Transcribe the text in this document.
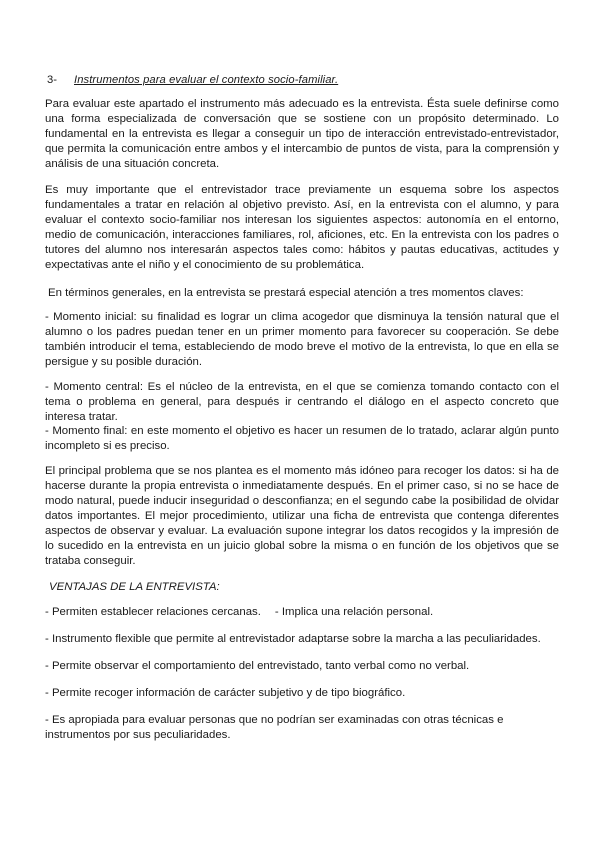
3- Instrumentos para evaluar el contexto socio-familiar.

Para evaluar este apartado el instrumento más adecuado es la entrevista. Ésta suele definirse como una forma especializada de conversación que se sostiene con un propósito determinado. Lo fundamental en la entrevista es llegar a conseguir un tipo de interacción entrevistado-entrevistador, que permita la comunicación entre ambos y el intercambio de puntos de vista, para la comprensión y análisis de una situación concreta.

Es muy importante que el entrevistador trace previamente un esquema sobre los aspectos fundamentales a tratar en relación al objetivo previsto. Así, en la entrevista con el alumno, y para evaluar el contexto socio-familiar nos interesan los siguientes aspectos: autonomía en el entorno, medio de comunicación, interacciones familiares, rol, aficiones, etc. En la entrevista con los padres o tutores del alumno nos interesarán aspectos tales como: hábitos y pautas educativas, actitudes y expectativas ante el niño y el conocimiento de su problemática.

En términos generales, en la entrevista se prestará especial atención a tres momentos claves:

- Momento inicial: su finalidad es lograr un clima acogedor que disminuya la tensión natural que el alumno o los padres puedan tener en un primer momento para favorecer su cooperación. Se debe también introducir el tema, estableciendo de modo breve el motivo de la entrevista, lo que en ella se persigue y su posible duración.

- Momento central: Es el núcleo de la entrevista, en el que se comienza tomando contacto con el tema o problema en general, para después ir centrando el diálogo en el aspecto concreto que interesa tratar.

- Momento final: en este momento el objetivo es hacer un resumen de lo tratado, aclarar algún punto incompleto si es preciso.

El principal problema que se nos plantea es el momento más idóneo para recoger los datos: si ha de hacerse durante la propia entrevista o inmediatamente después. En el primer caso, si no se hace de modo natural, puede inducir inseguridad o desconfianza; en el segundo cabe la posibilidad de olvidar datos importantes. El mejor procedimiento, utilizar una ficha de entrevista que contenga diferentes aspectos de observar y evaluar. La evaluación supone integrar los datos recogidos y la impresión de lo sucedido en la entrevista en un juicio global sobre la misma o en función de los objetivos que se trataba conseguir.

VENTAJAS DE LA ENTREVISTA:

- Permiten establecer relaciones cercanas. - Implica una relación personal.

- Instrumento flexible que permite al entrevistador adaptarse sobre la marcha a las peculiaridades.

- Permite observar el comportamiento del entrevistado, tanto verbal como no verbal.

- Permite recoger información de carácter subjetivo y de tipo biográfico.

- Es apropiada para evaluar personas que no podrían ser examinadas con otras técnicas e instrumentos por sus peculiaridades.
